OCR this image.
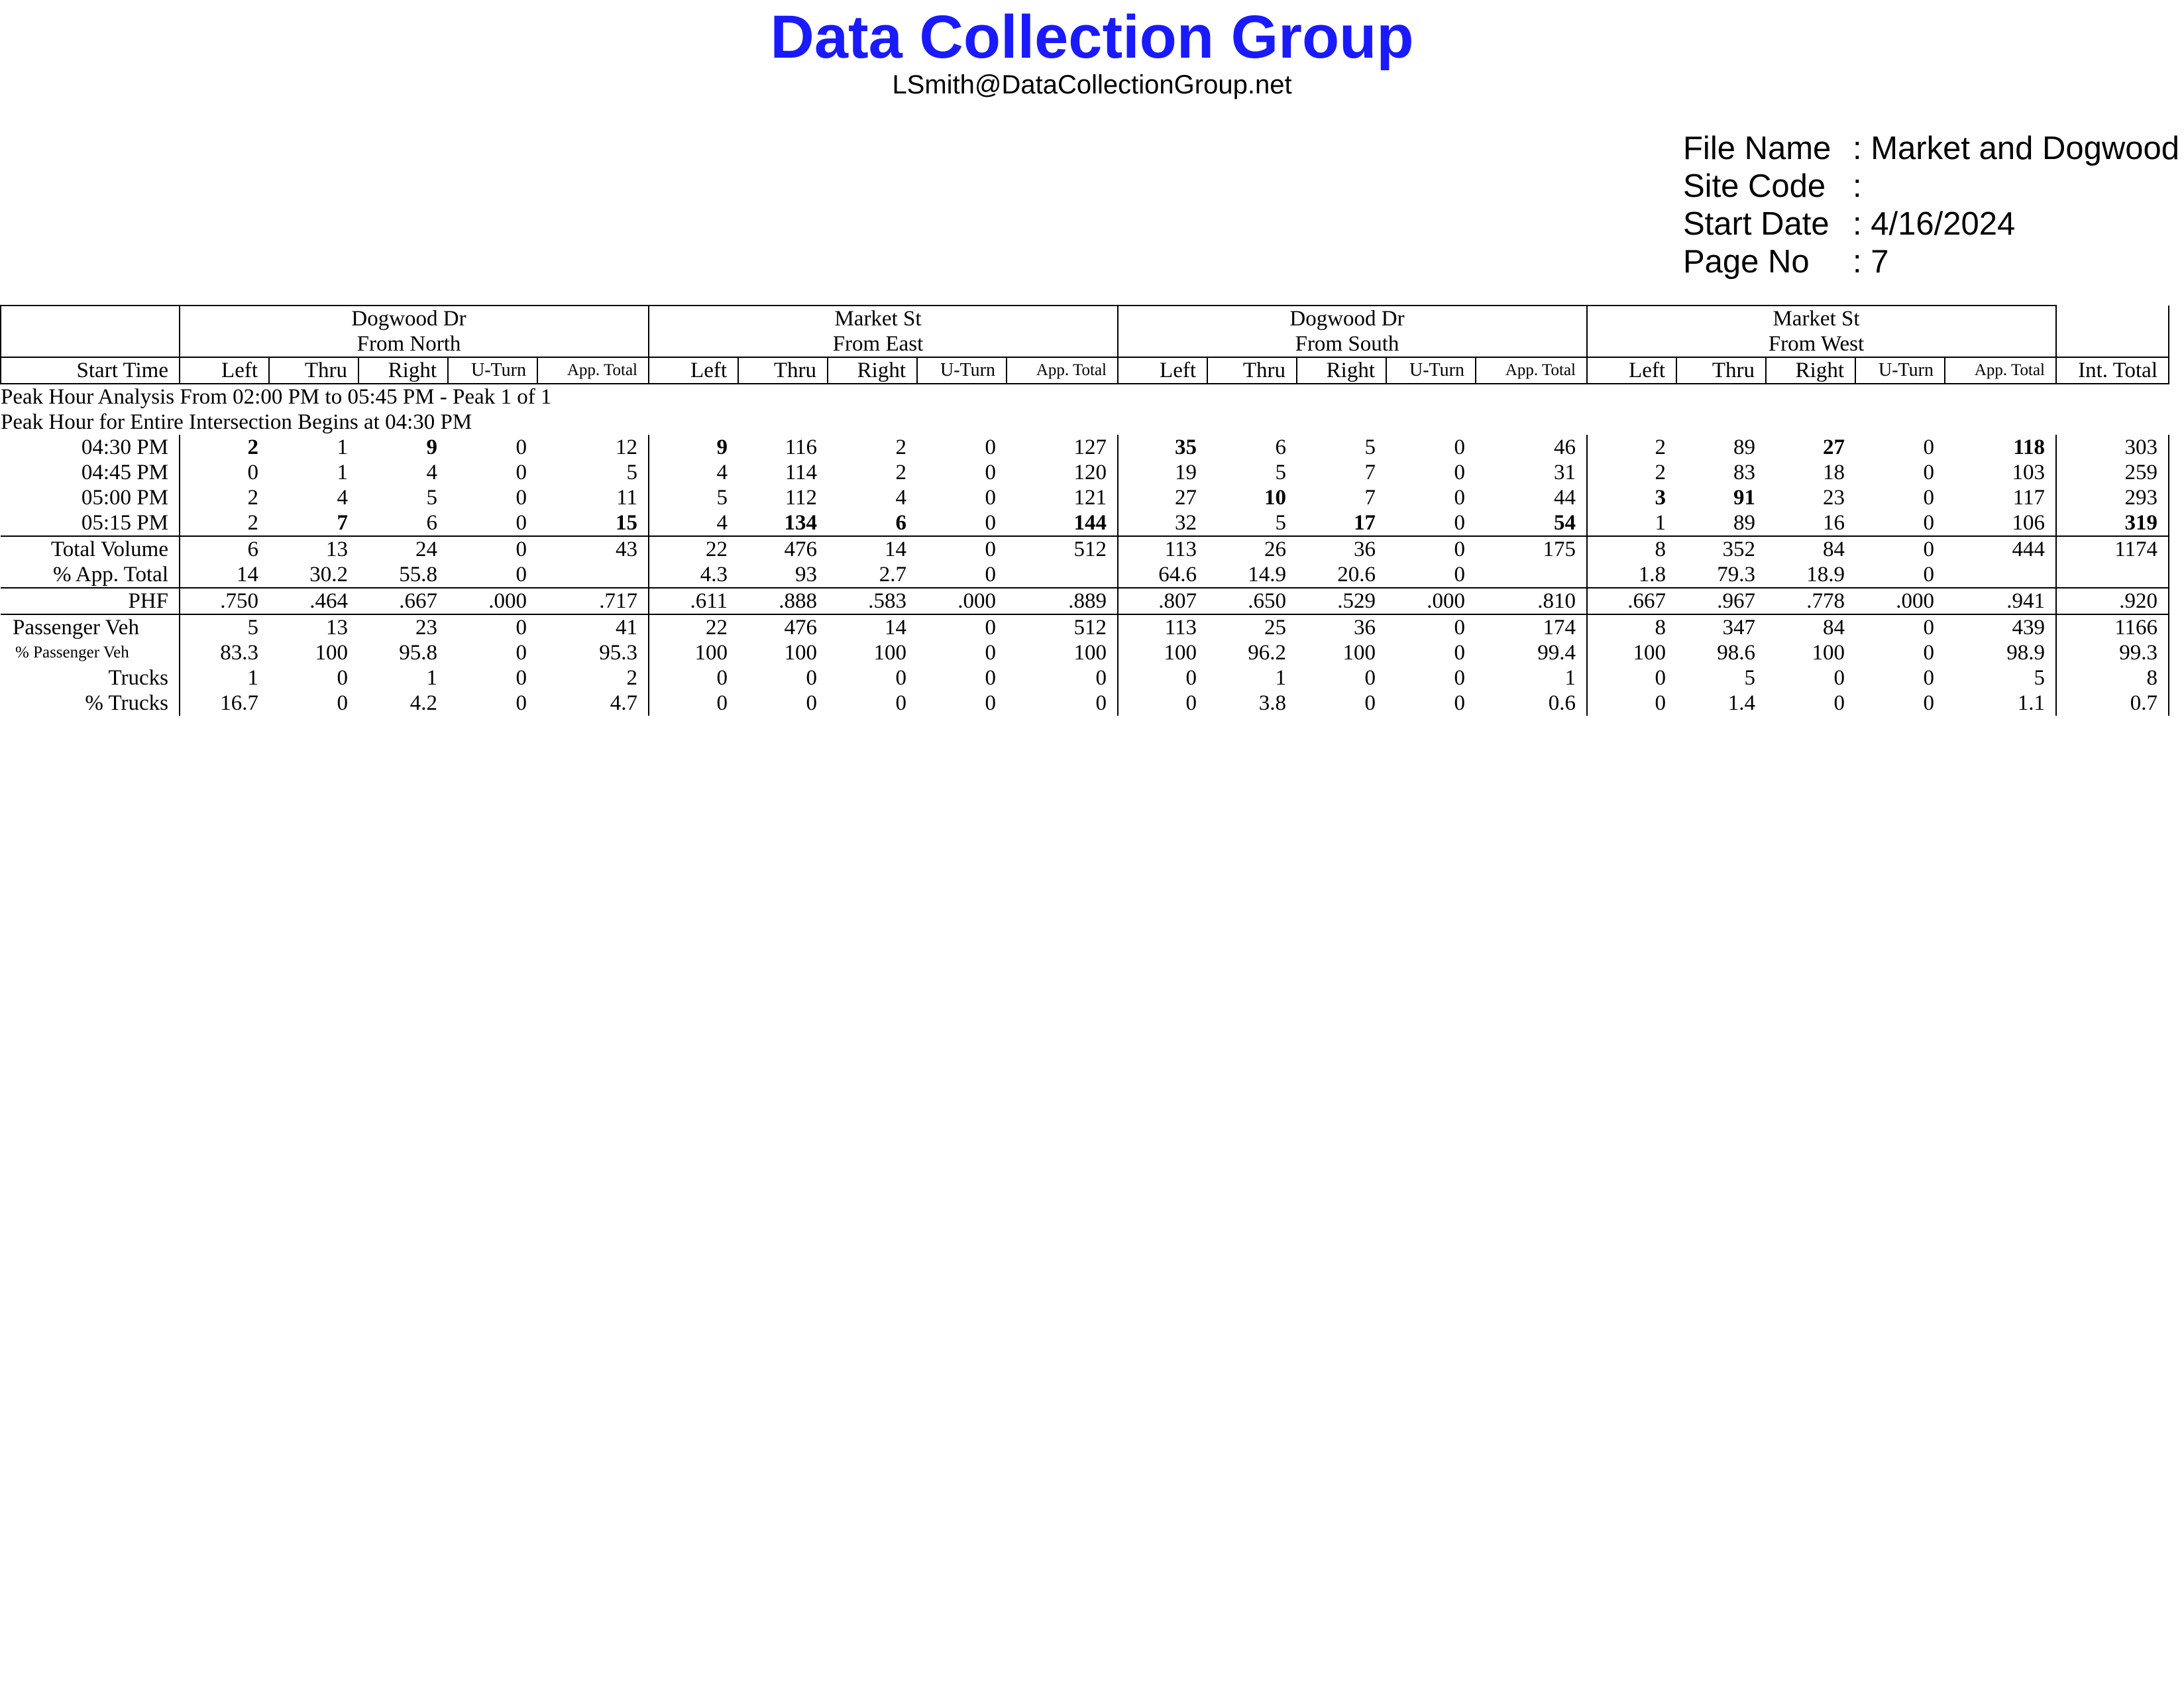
Data Collection Group
LSmith@DataCollectionGroup.net
File Name : Market and Dogwood
Site Code :
Start Date : 4/16/2024
Page No : 7
	Dogwood Dr					Market St					Dogwood Dr					Market St					
	From North					From East					From South					From West					
Start Time	Left	Thru	Right	U-Turn	App. Total	Left	Thru	Right	U-Turn	App. Total	Left	Thru	Right	U-Turn	App. Total	Left	Thru	Right	U-Turn	App. Total	Int. Total
Peak Hour Analysis From 02:00 PM to 05:45 PM - Peak 1 of 1																					
Peak Hour for Entire Intersection Begins at 04:30 PM																					
04:30 PM	2	1	9	0	12	9	116	2	0	127	35	6	5	0	46	2	89	27	0	118	303
04:45 PM	0	1	4	0	5	4	114	2	0	120	19	5	7	0	31	2	83	18	0	103	259
05:00 PM	2	4	5	0	11	5	112	4	0	121	27	10	7	0	44	3	91	23	0	117	293
05:15 PM	2	7	6	0	15	4	134	6	0	144	32	5	17	0	54	1	89	16	0	106	319
Total Volume	6	13	24	0	43	22	476	14	0	512	113	26	36	0	175	8	352	84	0	444	1174
% App. Total	14	30.2	55.8	0		4.3	93	2.7	0		64.6	14.9	20.6	0		1.8	79.3	18.9	0		
PHF	.750	.464	.667	.000	.717	.611	.888	.583	.000	.889	.807	.650	.529	.000	.810	.667	.967	.778	.000	.941	.920
Passenger Veh	5	13	23	0	41	22	476	14	0	512	113	25	36	0	174	8	347	84	0	439	1166
% Passenger Veh	83.3	100	95.8	0	95.3	100	100	100	0	100	100	96.2	100	0	99.4	100	98.6	100	0	98.9	99.3
Trucks	1	0	1	0	2	0	0	0	0	0	0	1	0	0	1	0	5	0	0	5	8
% Trucks	16.7	0	4.2	0	4.7	0	0	0	0	0	0	3.8	0	0	0.6	0	1.4	0	0	1.1	0.7
